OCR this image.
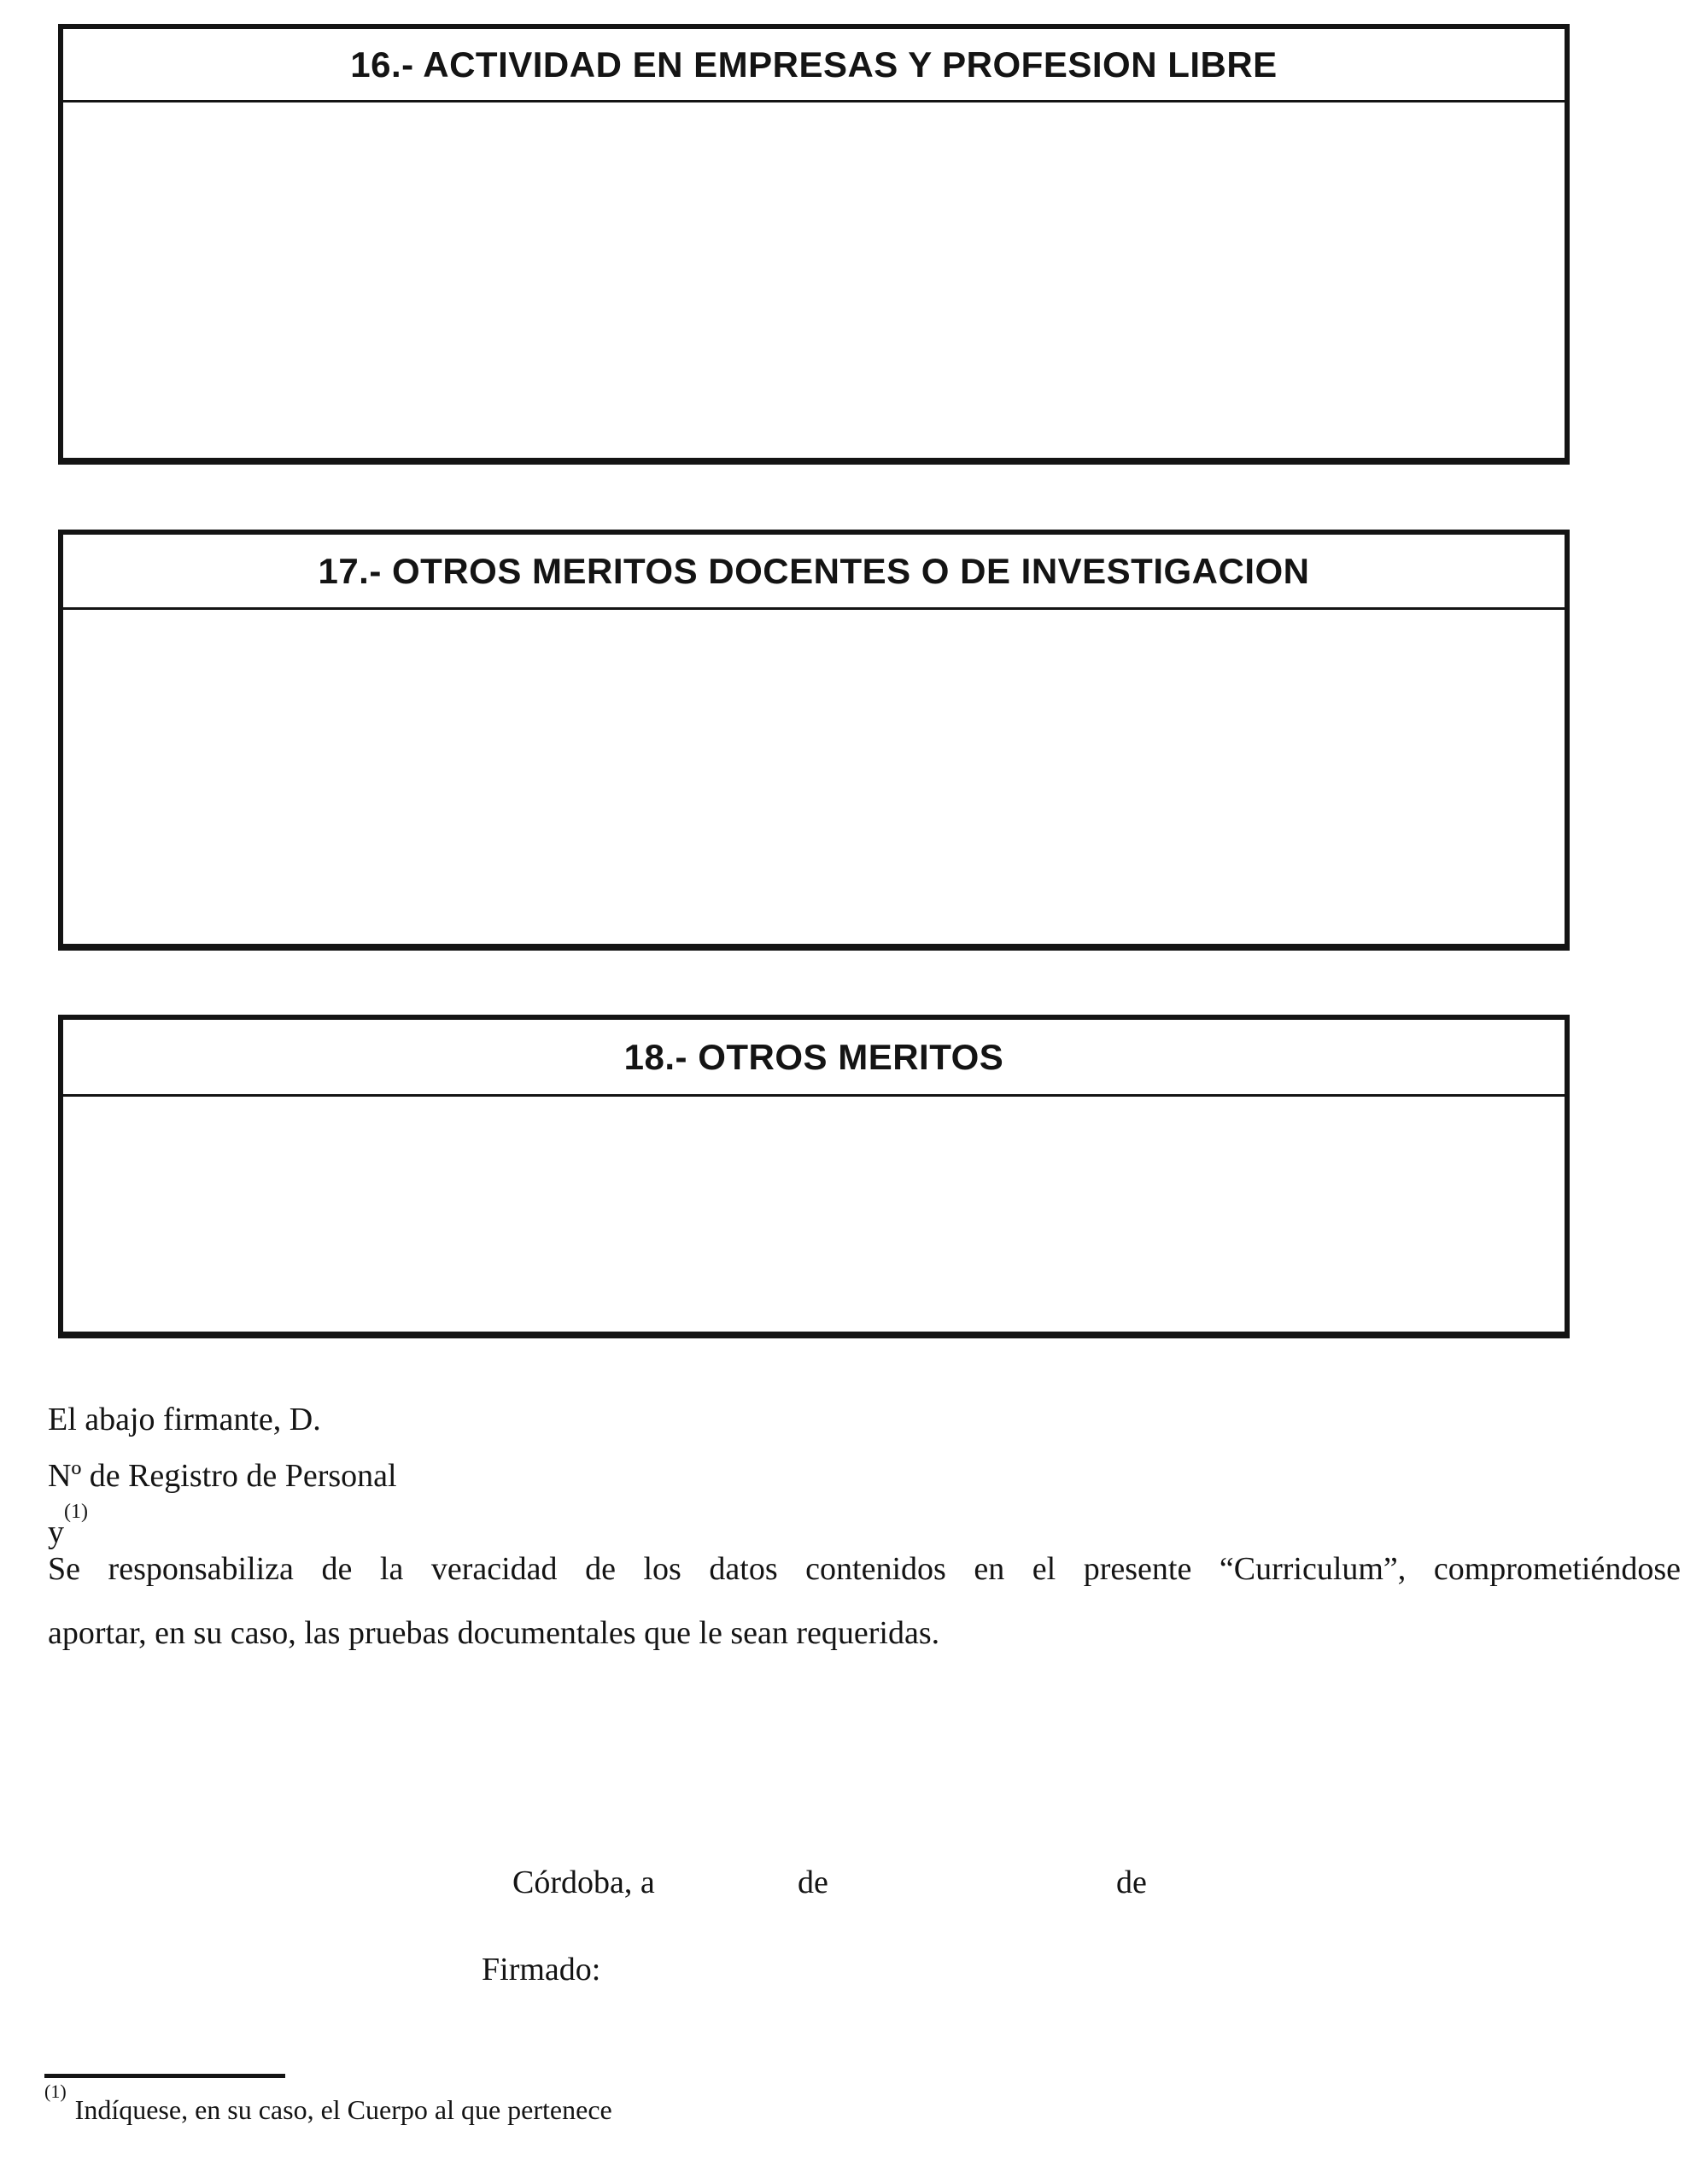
16.- ACTIVIDAD EN EMPRESAS Y PROFESION LIBRE
17.- OTROS MERITOS DOCENTES O DE INVESTIGACION
18.- OTROS MERITOS
El abajo firmante, D.
Nº de Registro de Personal
$y^{(1)}$
Se responsabiliza de la veracidad de los datos contenidos en el presente “Curriculum”, comprometiéndose
aportar, en su caso, las pruebas documentales que le sean requeridas.
Córdoba, a	de	de
Firmado:
$^{(1)}$Indíquese, en su caso, el Cuerpo al que pertenece
